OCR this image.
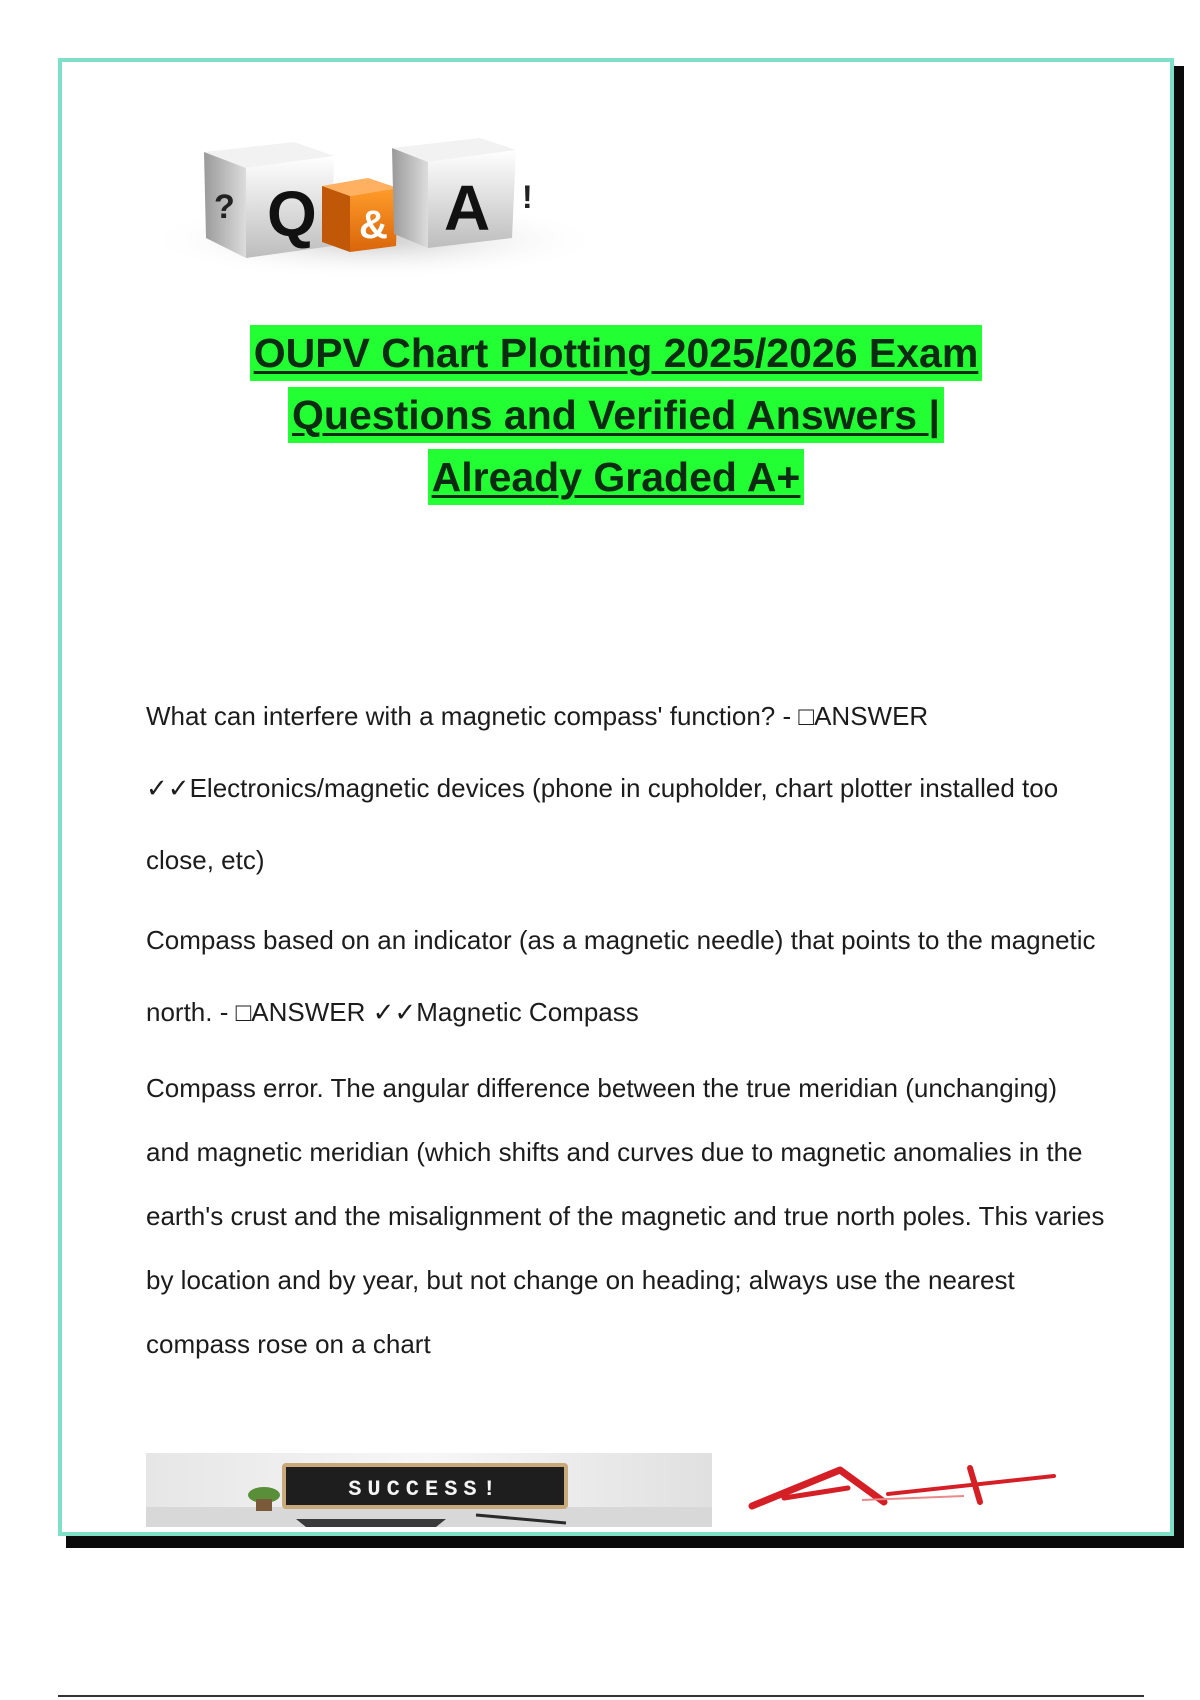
Q
?	& A !
OUPV Chart Plotting 2025/2026 Exam
Questions and Verified Answers |
Already Graded A+

What can interfere with a magnetic compass' function? - □ANSWER ✓✓Electronics/magnetic devices (phone in cupholder, chart plotter installed too close, etc)

Compass based on an indicator (as a magnetic needle) that points to the magnetic north. - □ANSWER ✓✓Magnetic Compass

Compass error. The angular difference between the true meridian (unchanging) and magnetic meridian (which shifts and curves due to magnetic anomalies in the earth's crust and the misalignment of the magnetic and true north poles. This varies by location and by year, but not change on heading; always use the nearest compass rose on a chart

SUCCESS!
